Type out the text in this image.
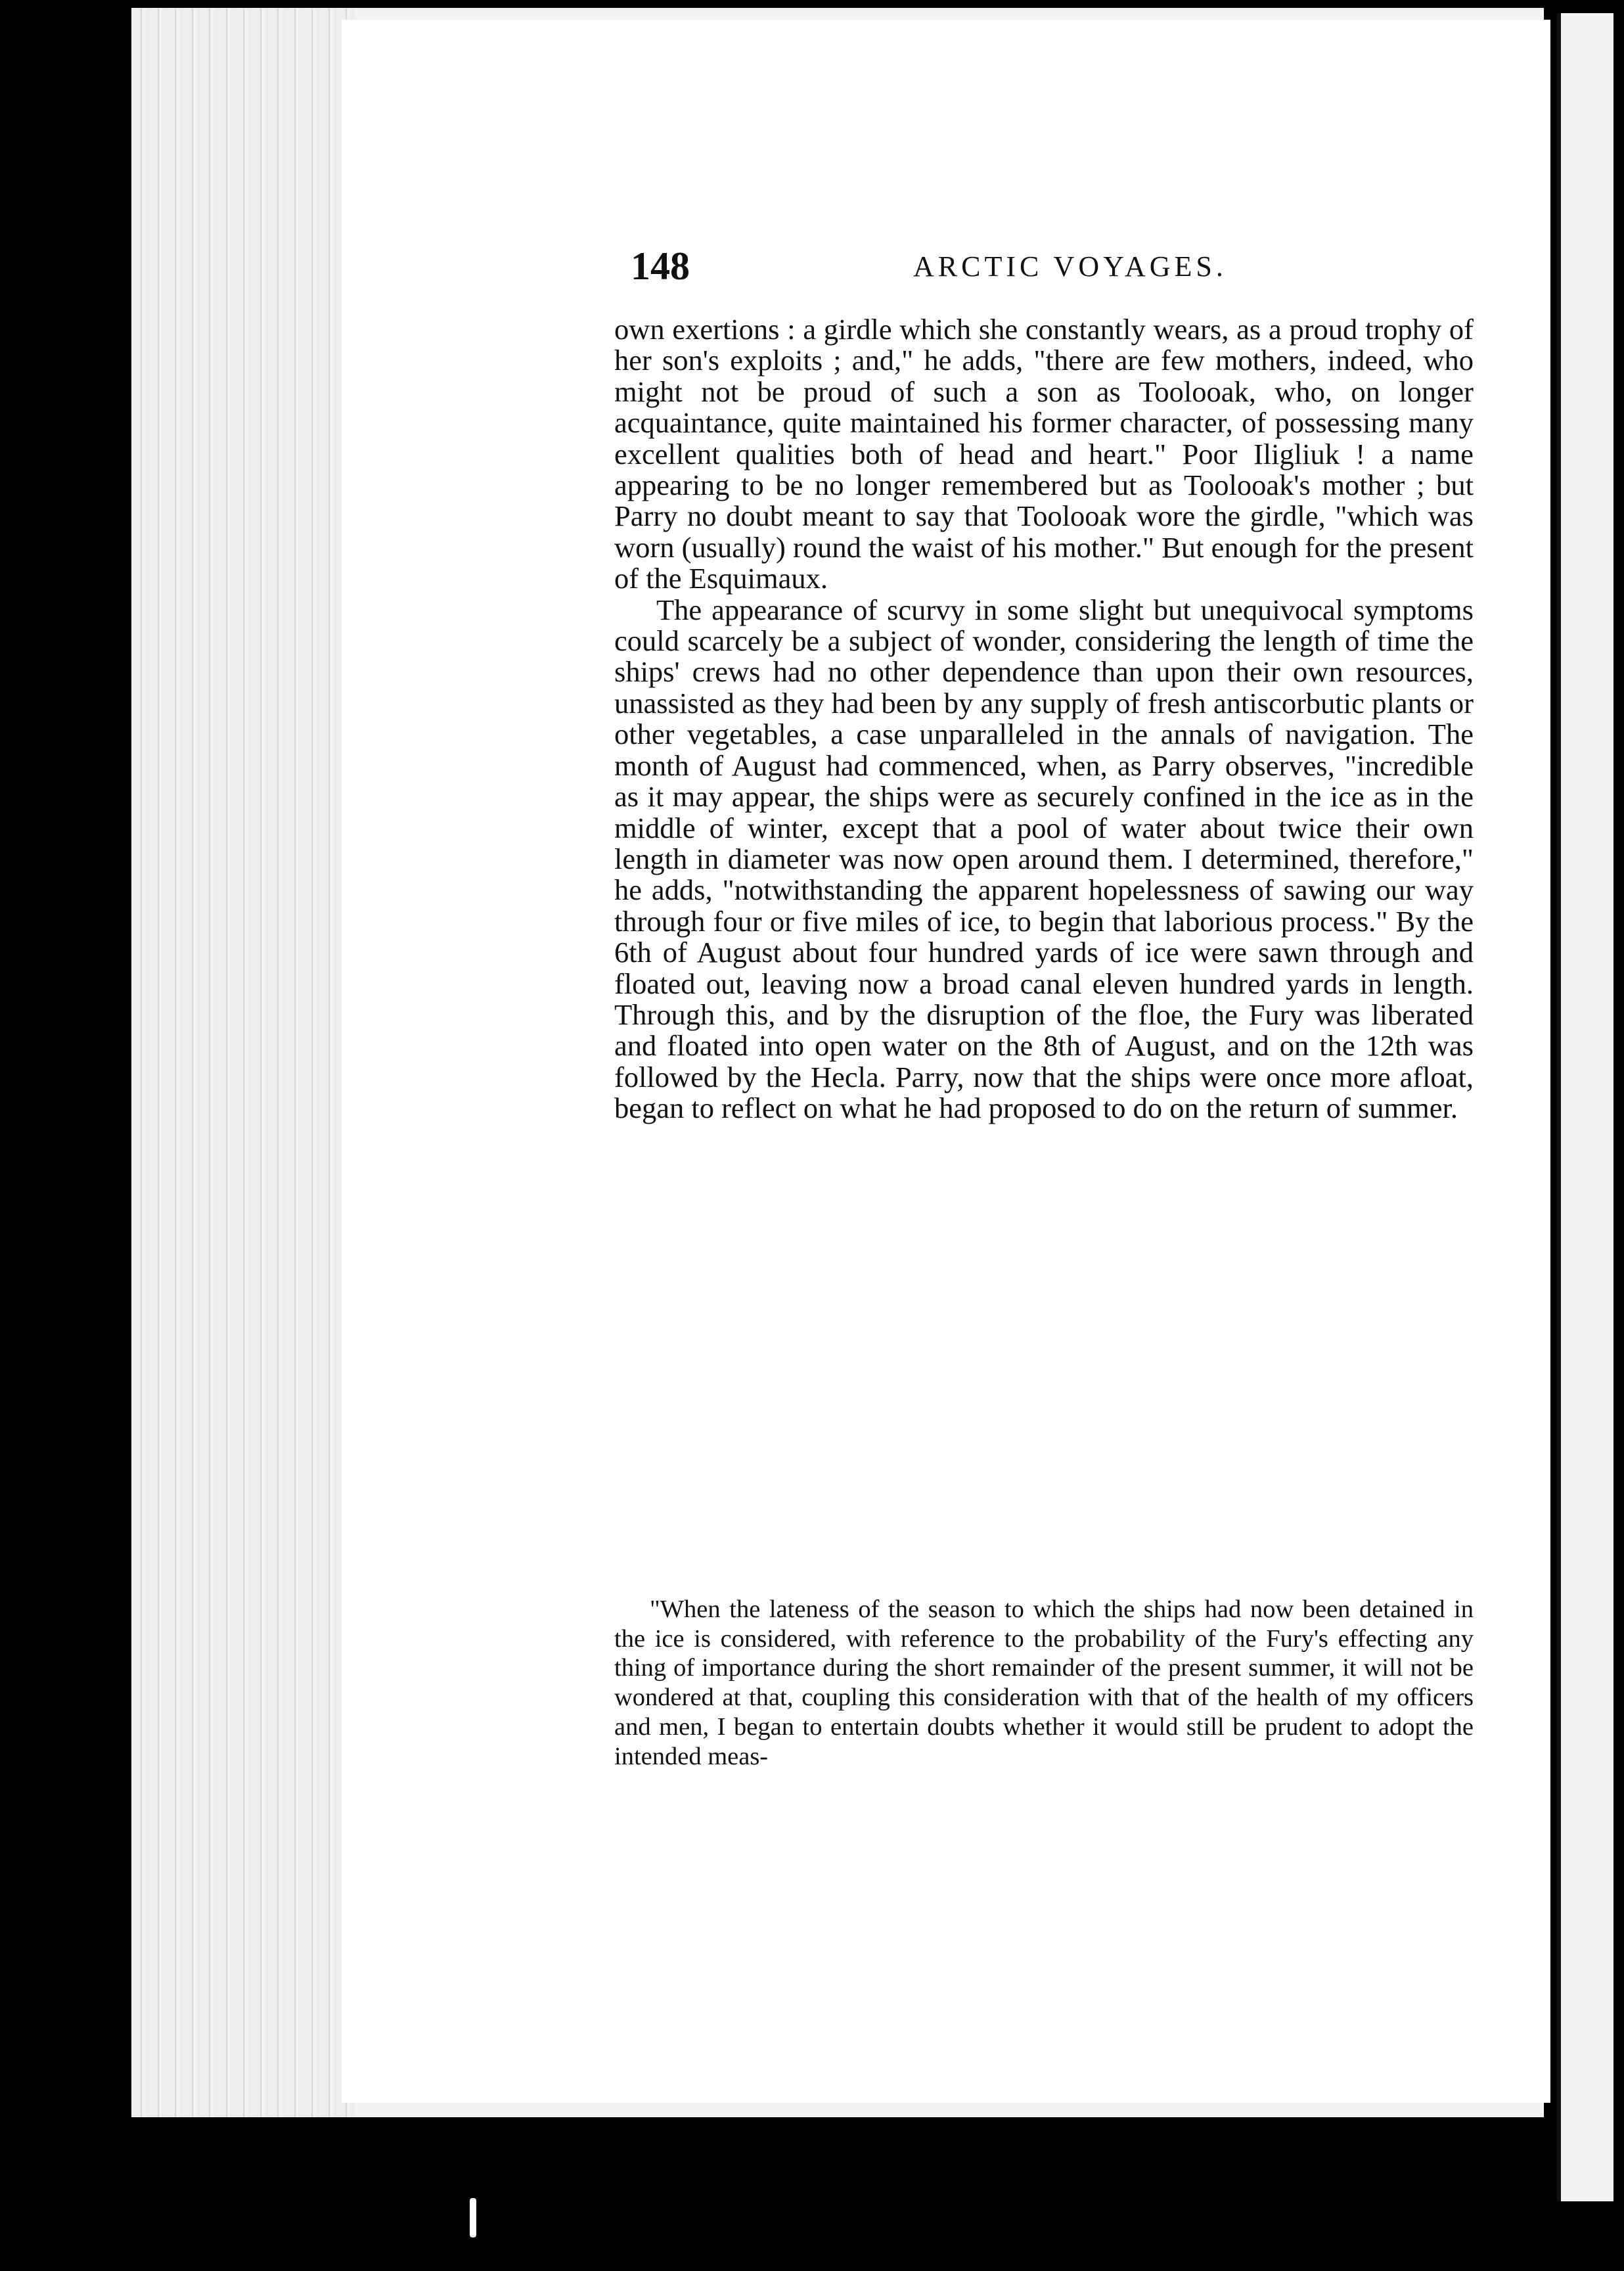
148	ARCTIC VOYAGES.

own exertions : a girdle which she constantly wears, as a proud trophy of her son's exploits ; and," he adds, "there are few mothers, indeed, who might not be proud of such a son as Toolooak, who, on longer acquaintance, quite maintained his former character, of possessing many excellent qualities both of head and heart." Poor Iligliuk ! a name appearing to be no longer remembered but as Toolooak's mother ; but Parry no doubt meant to say that Toolooak wore the girdle, "which was worn (usually) round the waist of his mother." But enough for the present of the Esquimaux.

The appearance of scurvy in some slight but unequivocal symptoms could scarcely be a subject of wonder, considering the length of time the ships' crews had no other dependence than upon their own resources, unassisted as they had been by any supply of fresh antiscorbutic plants or other vegetables, a case unparalleled in the annals of navigation. The month of August had commenced, when, as Parry observes, "incredible as it may appear, the ships were as securely confined in the ice as in the middle of winter, except that a pool of water about twice their own length in diameter was now open around them. I determined, therefore," he adds, "notwithstanding the apparent hopelessness of sawing our way through four or five miles of ice, to begin that laborious process." By the 6th of August about four hundred yards of ice were sawn through and floated out, leaving now a broad canal eleven hundred yards in length. Through this, and by the disruption of the floe, the Fury was liberated and floated into open water on the 8th of August, and on the 12th was followed by the Hecla. Parry, now that the ships were once more afloat, began to reflect on what he had proposed to do on the return of summer.

"When the lateness of the season to which the ships had now been detained in the ice is considered, with reference to the probability of the Fury's effecting any thing of importance during the short remainder of the present summer, it will not be wondered at that, coupling this consideration with that of the health of my officers and men, I began to entertain doubts whether it would still be prudent to adopt the intended meas-
